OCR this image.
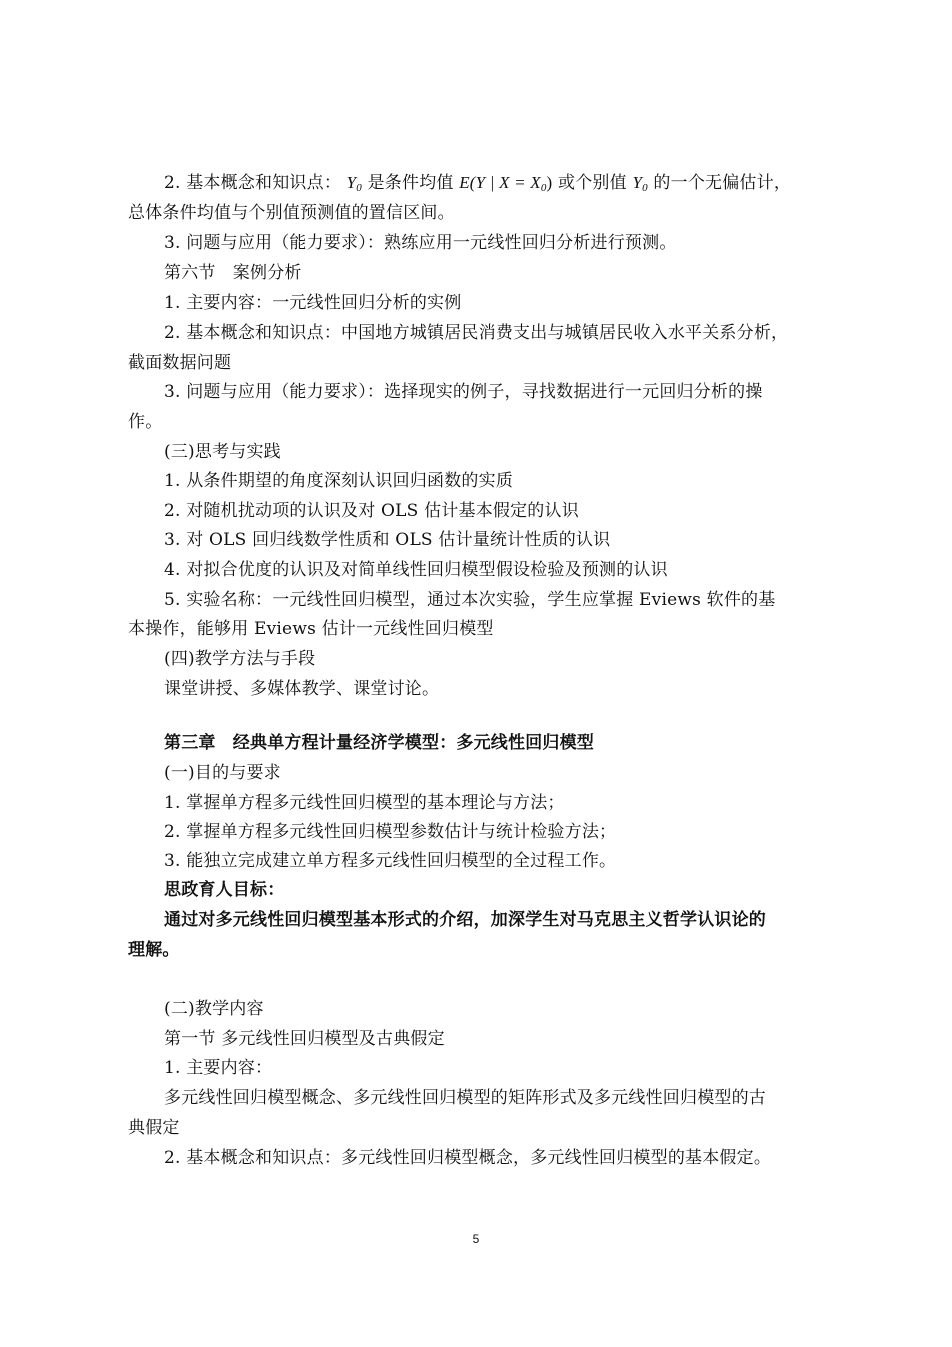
2. 基本概念和知识点： $Y_0$ 是条件均值 E(Y | $X = X_0$) 或个别值 $Y_0$ 的一个无偏估计，
总体条件均值与个别值预测值的置信区间。
3. 问题与应用（能力要求）：熟练应用一元线性回归分析进行预测。
第六节　案例分析
1. 主要内容：一元线性回归分析的实例
2. 基本概念和知识点：中国地方城镇居民消费支出与城镇居民收入水平关系分析，
截面数据问题
3. 问题与应用（能力要求）：选择现实的例子，寻找数据进行一元回归分析的操
作。
(三)思考与实践
1. 从条件期望的角度深刻认识回归函数的实质
2. 对随机扰动项的认识及对 OLS 估计基本假定的认识
3. 对 OLS 回归线数学性质和 OLS 估计量统计性质的认识
4. 对拟合优度的认识及对简单线性回归模型假设检验及预测的认识
5. 实验名称：一元线性回归模型，通过本次实验，学生应掌握 Eviews 软件的基
本操作，能够用 Eviews 估计一元线性回归模型
(四)教学方法与手段
课堂讲授、多媒体教学、课堂讨论。
第三章　经典单方程计量经济学模型：多元线性回归模型
(一)目的与要求
1. 掌握单方程多元线性回归模型的基本理论与方法；
2. 掌握单方程多元线性回归模型参数估计与统计检验方法；
3. 能独立完成建立单方程多元线性回归模型的全过程工作。
思政育人目标：
通过对多元线性回归模型基本形式的介绍，加深学生对马克思主义哲学认识论的
理解。
(二)教学内容
第一节 多元线性回归模型及古典假定
1. 主要内容：
多元线性回归模型概念、多元线性回归模型的矩阵形式及多元线性回归模型的古
典假定
2. 基本概念和知识点：多元线性回归模型概念，多元线性回归模型的基本假定。
5
